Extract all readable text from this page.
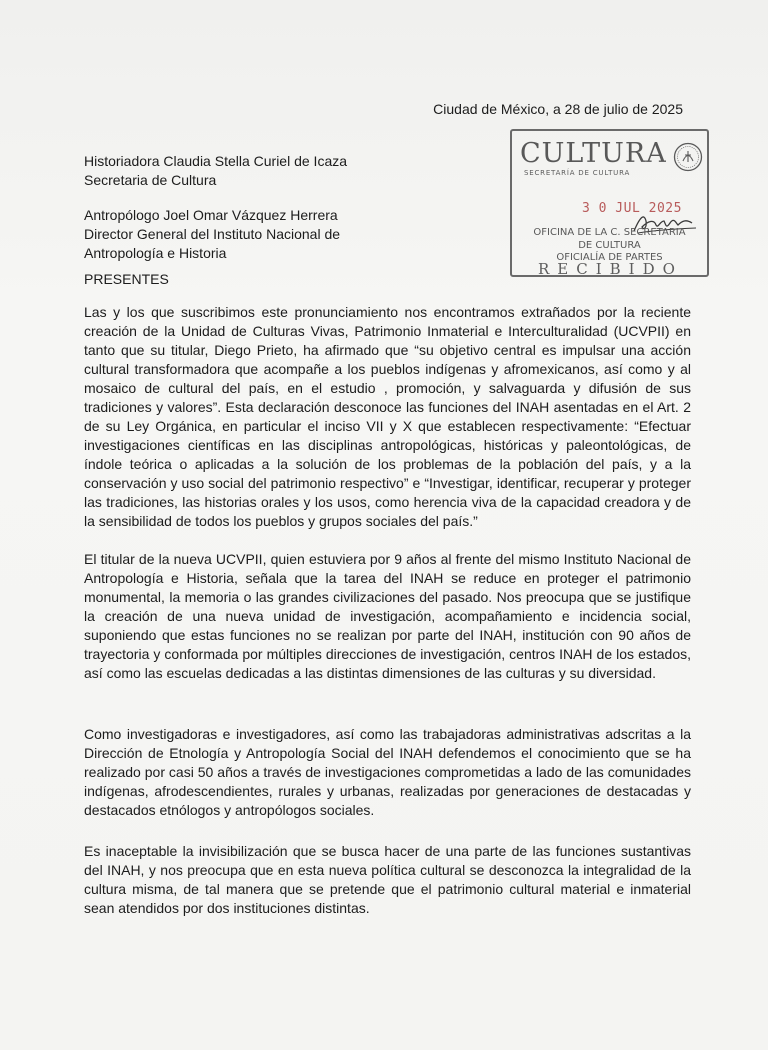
Ciudad de México, a 28 de julio de 2025
Historiadora Claudia Stella Curiel de Icaza
Secretaria de Cultura
Antropólogo Joel Omar Vázquez Herrera
Director General del Instituto Nacional de
Antropología e Historia
PRESENTES
CULTURA
SECRETARÍA DE CULTURA
3 0 JUL 2025
OFICINA DE LA C. SECRETARIA
DE CULTURA
OFICIALÍA DE PARTES
RECIBIDO

Las y los que suscribimos este pronunciamiento nos encontramos extrañados por la reciente creación de la Unidad de Culturas Vivas, Patrimonio Inmaterial e Interculturalidad (UCVPII) en tanto que su titular, Diego Prieto, ha afirmado que “su objetivo central es impulsar una acción cultural transformadora que acompañe a los pueblos indígenas y afromexicanos, así como y al mosaico de cultural del país, en el estudio , promoción, y salvaguarda y difusión de sus tradiciones y valores”. Esta declaración desconoce las funciones del INAH asentadas en el Art. 2 de su Ley Orgánica, en particular el inciso VII y X que establecen respectivamente: “Efectuar investigaciones científicas en las disciplinas antropológicas, históricas y paleontológicas, de índole teórica o aplicadas a la solución de los problemas de la población del país, y a la conservación y uso social del patrimonio respectivo” e “Investigar, identificar, recuperar y proteger las tradiciones, las historias orales y los usos, como herencia viva de la capacidad creadora y de la sensibilidad de todos los pueblos y grupos sociales del país.”

El titular de la nueva UCVPII, quien estuviera por 9 años al frente del mismo Instituto Nacional de Antropología e Historia, señala que la tarea del INAH se reduce en proteger el patrimonio monumental, la memoria o las grandes civilizaciones del pasado. Nos preocupa que se justifique la creación de una nueva unidad de investigación, acompañamiento e incidencia social, suponiendo que estas funciones no se realizan por parte del INAH, institución con 90 años de trayectoria y conformada por múltiples direcciones de investigación, centros INAH de los estados, así como las escuelas dedicadas a las distintas dimensiones de las culturas y su diversidad.

Como investigadoras e investigadores, así como las trabajadoras administrativas adscritas a la Dirección de Etnología y Antropología Social del INAH defendemos el conocimiento que se ha realizado por casi 50 años a través de investigaciones comprometidas a lado de las comunidades indígenas, afrodescendientes, rurales y urbanas, realizadas por generaciones de destacadas y destacados etnólogos y antropólogos sociales.

Es inaceptable la invisibilización que se busca hacer de una parte de las funciones sustantivas del INAH, y nos preocupa que en esta nueva política cultural se desconozca la integralidad de la cultura misma, de tal manera que se pretende que el patrimonio cultural material e inmaterial sean atendidos por dos instituciones distintas.
